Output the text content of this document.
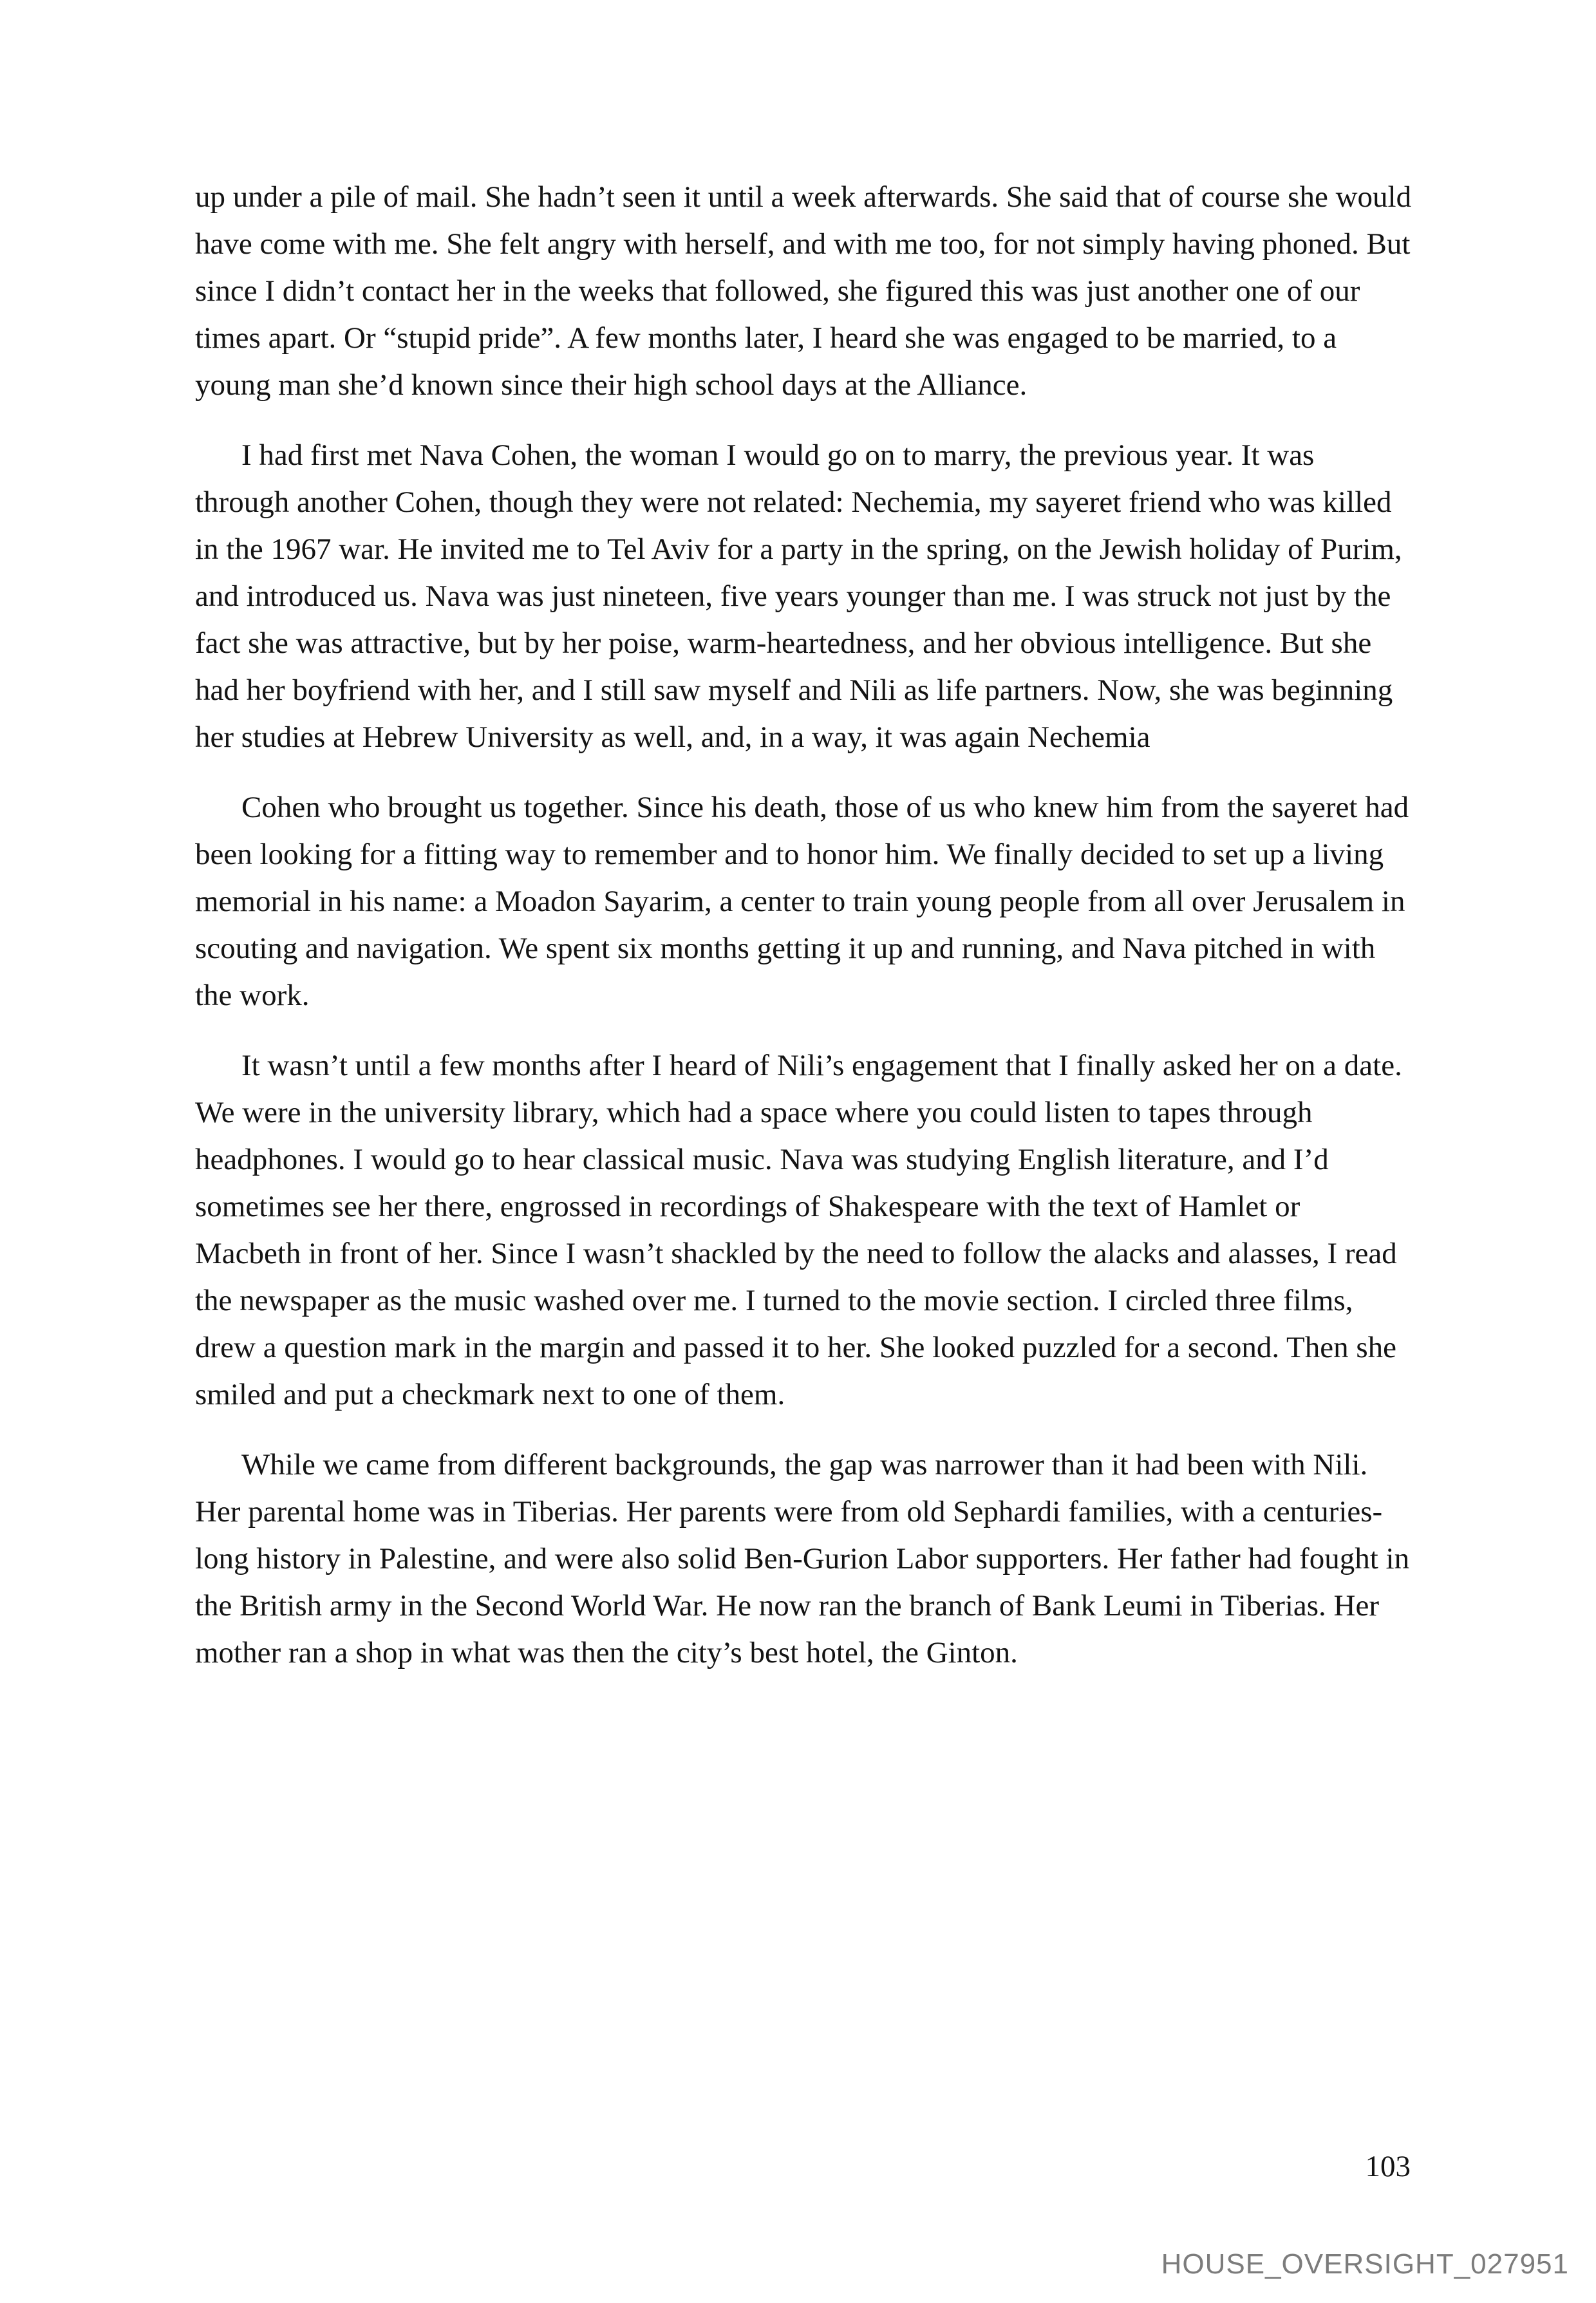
up under a pile of mail. She hadn’t seen it until a week afterwards. She said that of course she would have come with me. She felt angry with herself, and with me too, for not simply having phoned. But since I didn’t contact her in the weeks that followed, she figured this was just another one of our times apart. Or “stupid pride”. A few months later, I heard she was engaged to be married, to a young man she’d known since their high school days at the Alliance.

I had first met Nava Cohen, the woman I would go on to marry, the previous year. It was through another Cohen, though they were not related: Nechemia, my sayeret friend who was killed in the 1967 war. He invited me to Tel Aviv for a party in the spring, on the Jewish holiday of Purim, and introduced us. Nava was just nineteen, five years younger than me. I was struck not just by the fact she was attractive, but by her poise, warm-heartedness, and her obvious intelligence. But she had her boyfriend with her, and I still saw myself and Nili as life partners. Now, she was beginning her studies at Hebrew University as well, and, in a way, it was again Nechemia

Cohen who brought us together. Since his death, those of us who knew him from the sayeret had been looking for a fitting way to remember and to honor him. We finally decided to set up a living memorial in his name: a Moadon Sayarim, a center to train young people from all over Jerusalem in scouting and navigation. We spent six months getting it up and running, and Nava pitched in with the work.

It wasn’t until a few months after I heard of Nili’s engagement that I finally asked her on a date. We were in the university library, which had a space where you could listen to tapes through headphones. I would go to hear classical music. Nava was studying English literature, and I’d sometimes see her there, engrossed in recordings of Shakespeare with the text of Hamlet or Macbeth in front of her. Since I wasn’t shackled by the need to follow the alacks and alasses, I read the newspaper as the music washed over me. I turned to the movie section. I circled three films, drew a question mark in the margin and passed it to her. She looked puzzled for a second. Then she smiled and put a checkmark next to one of them.

While we came from different backgrounds, the gap was narrower than it had been with Nili. Her parental home was in Tiberias. Her parents were from old Sephardi families, with a centuries-long history in Palestine, and were also solid Ben-Gurion Labor supporters. Her father had fought in the British army in the Second World War. He now ran the branch of Bank Leumi in Tiberias. Her mother ran a shop in what was then the city’s best hotel, the Ginton.

103
HOUSE_OVERSIGHT_027951
